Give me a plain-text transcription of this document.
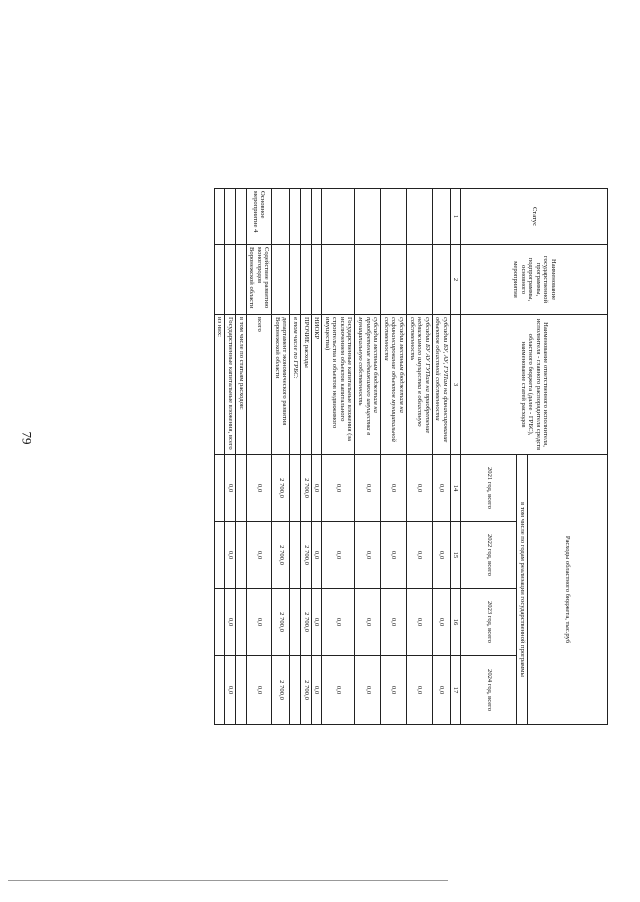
79
Статус	Наименование государственной программы, подпрограммы, основного мероприятия	Наименование ответственного исполнителя, исполнителя - главного распорядителя средств областного бюджета (далее - ГРБС), наименование статей расходов	Расходы областного бюджета, тыс.руб			
			в том числе по годам реализации государственной программы			
			2021 год, всего	2022 год, всего	2023 год, всего	2024 год, всего
1	2	3	14	15	16	17
		субсидии БУ, АУ, ГУПам на финансирование объектов областной собственности	0,0	0,0	0,0	0,0
		субсидии БУ АУ ГУПам на приобретение недвижимого имущества в областную собственность	0,0	0,0	0,0	0,0
		субсидии местным бюджетам на софинансирование объектов муниципальной собственности	0,0	0,0	0,0	0,0
		субсидии местным бюджетам на приобретение недвижимого имущества в муниципальную собственность	0,0	0,0	0,0	0,0
		Государственные капитальные вложения (за исключением объектов капитального строительства и объектов недвижимого имущества)	0,0	0,0	0,0	0,0
		НИОКР	0,0	0,0	0,0	0,0
		ПРОЧИЕ расходы	2 700,0	2 700,0	2 700,0	2 700,0
		в том числе по ГРБС:				
		департамент экономического развития Воронежской области	2 700,0	2 700,0	2 700,0	2 700,0
Основное мероприятие 4	Содействие развитию моногородов Воронежской области	всего	0,0	0,0	0,0	0,0
		в том числе по статьям расходов:				
		Государственные капитальные вложения, всего	0,0	0,0	0,0	0,0
		из них:				
